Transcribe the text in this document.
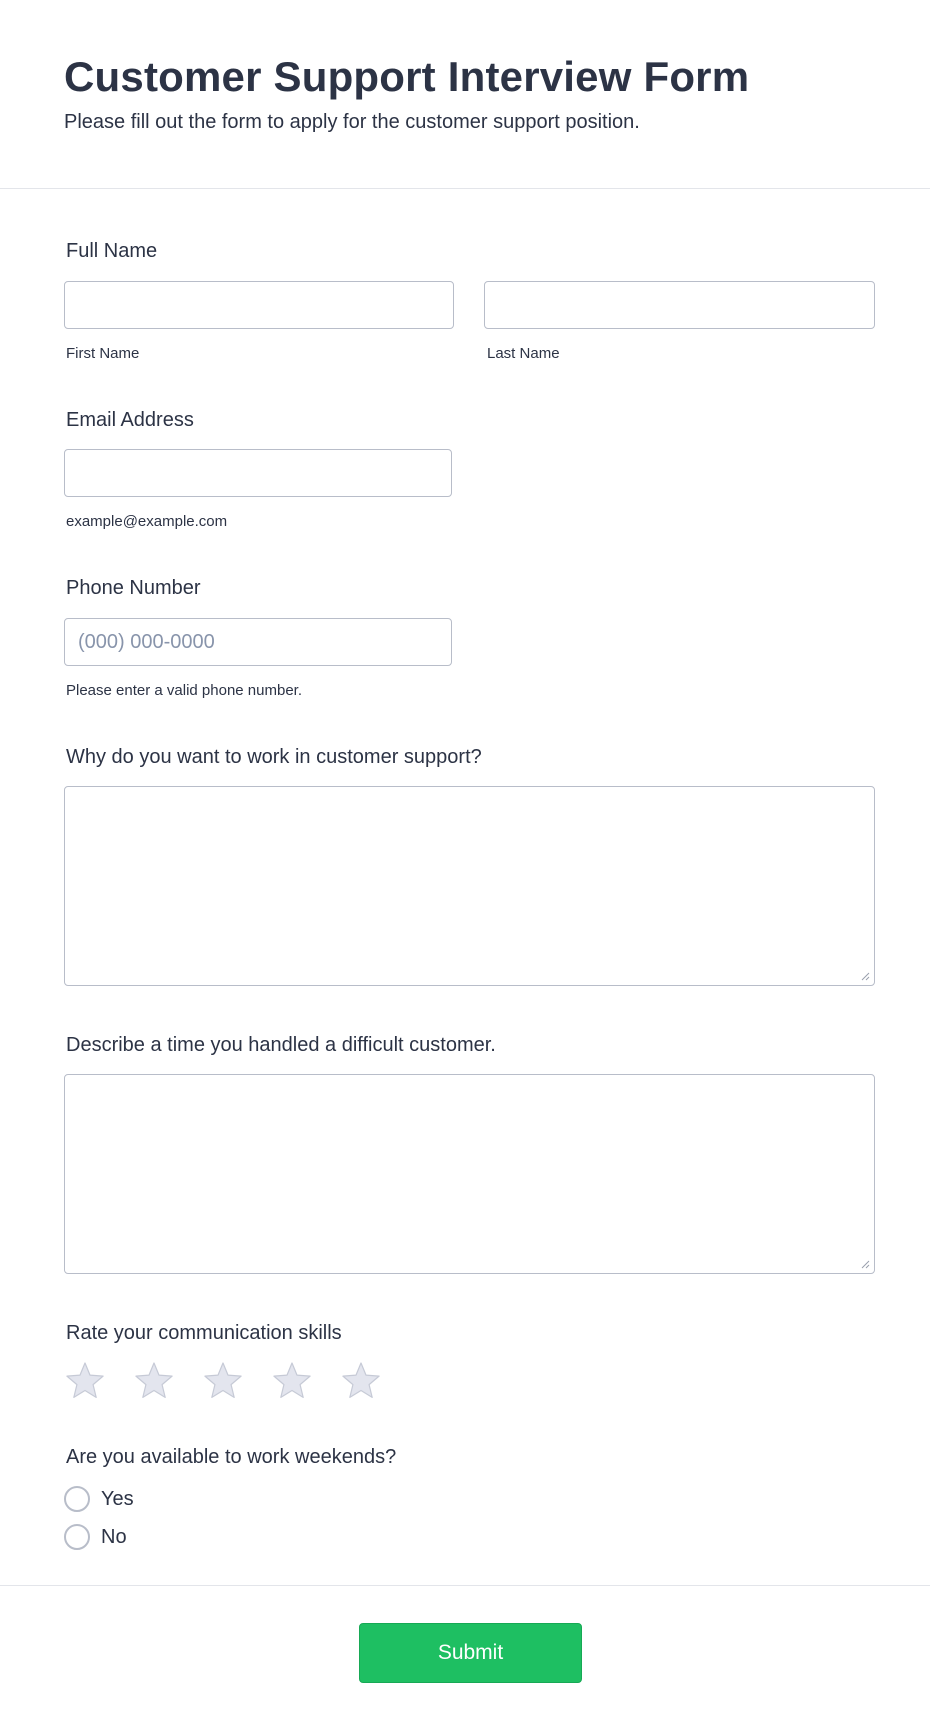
Customer Support Interview Form

Please fill out the form to apply for the customer support position.

Full Name
First Name	Last Name
Email Address
example@example.com
Phone Number
(000) 000-0000
Please enter a valid phone number.
Why do you want to work in customer support?
Describe a time you handled a difficult customer.
Rate your communication skills
Are you available to work weekends?
Yes
No
Submit
